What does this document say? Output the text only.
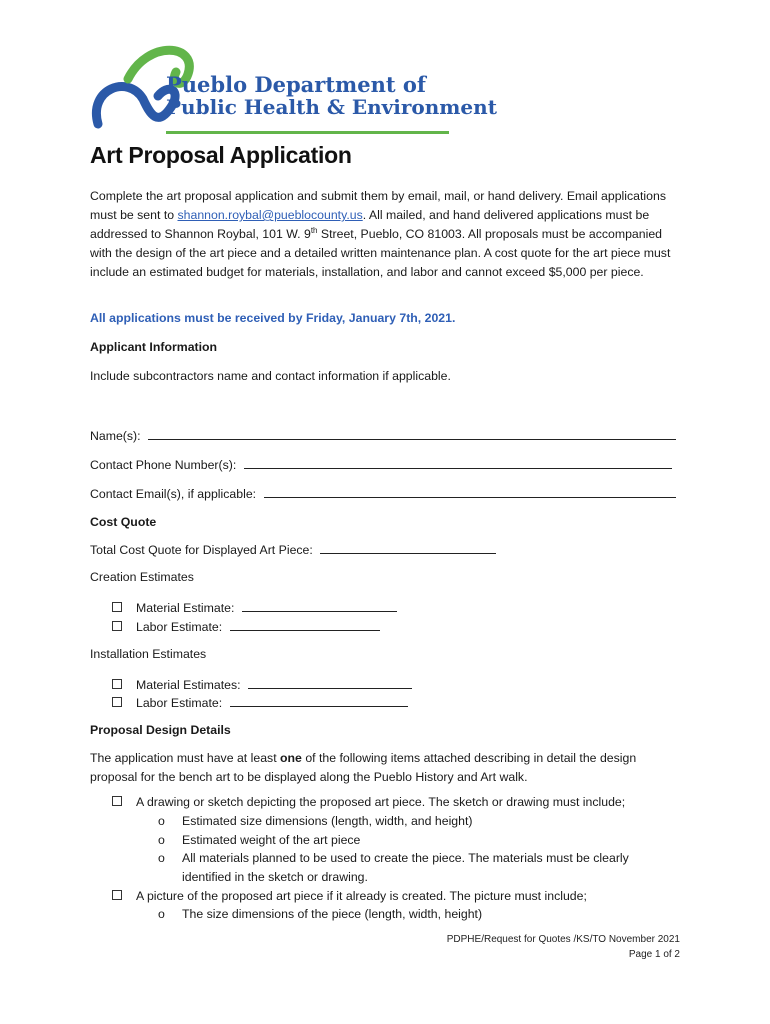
Pueblo Department of
Public Health & Environment
Art Proposal Application
Complete the art proposal application and submit them by email, mail, or hand delivery. Email applications must be sent to shannon.roybal@pueblocounty.us. All mailed, and hand delivered applications must be addressed to Shannon Roybal, 101 W. 9th Street, Pueblo, CO 81003. All proposals must be accompanied with the design of the art piece and a detailed written maintenance plan. A cost quote for the art piece must include an estimated budget for materials, installation, and labor and cannot exceed $5,000 per piece.
All applications must be received by Friday, January 7th, 2021.
Applicant Information
Include subcontractors name and contact information if applicable.
Name(s):
Contact Phone Number(s):
Contact Email(s), if applicable:
Cost Quote
Total Cost Quote for Displayed Art Piece:
Creation Estimates
Material Estimate:
Labor Estimate:
Installation Estimates
Material Estimates:
Labor Estimate:
Proposal Design Details
The application must have at least one of the following items attached describing in detail the design proposal for the bench art to be displayed along the Pueblo History and Art walk.
A drawing or sketch depicting the proposed art piece. The sketch or drawing must include;
o Estimated size dimensions (length, width, and height)
o Estimated weight of the art piece
o All materials planned to be used to create the piece. The materials must be clearly
identified in the sketch or drawing.
A picture of the proposed art piece if it already is created. The picture must include;
o The size dimensions of the piece (length, width, height)
PDPHE/Request for Quotes /KS/TO November 2021
Page 1 of 2
